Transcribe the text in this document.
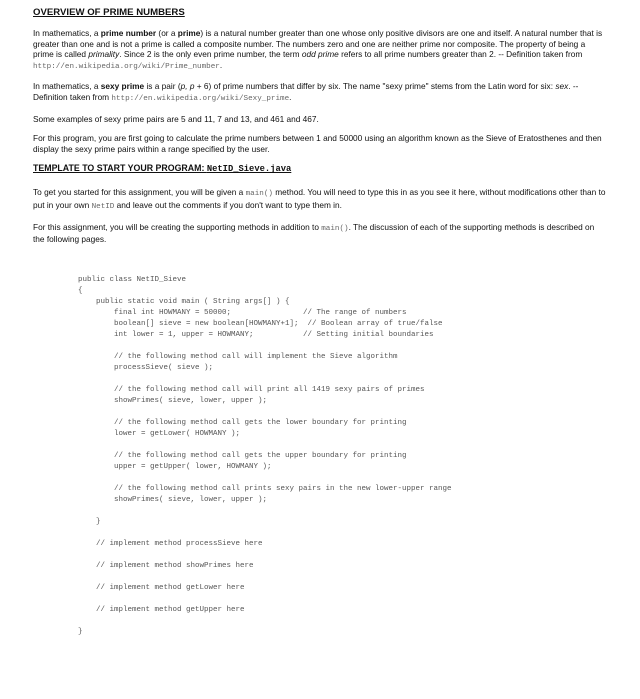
OVERVIEW OF PRIME NUMBERS

In mathematics, a prime number (or a prime) is a natural number greater than one whose only positive divisors are one and itself. A natural number that is greater than one and is not a prime is called a composite number. The numbers zero and one are neither prime nor composite. The property of being a prime is called primality. Since 2 is the only even prime number, the term odd prime refers to all prime numbers greater than 2. -- Definition taken from http://en.wikipedia.org/wiki/Prime_number.

In mathematics, a sexy prime is a pair (p, p + 6) of prime numbers that differ by six. The name "sexy prime" stems from the Latin word for six: sex. -- Definition taken from http://en.wikipedia.org/wiki/Sexy_prime.

Some examples of sexy prime pairs are 5 and 11, 7 and 13, and 461 and 467.

For this program, you are first going to calculate the prime numbers between 1 and 50000 using an algorithm known as the Sieve of Eratosthenes and then display the sexy prime pairs within a range specified by the user.

TEMPLATE TO START YOUR PROGRAM: NetID_Sieve.java

To get you started for this assignment, you will be given a main() method. You will need to type this in as you see it here, without modifications other than to put in your own NetID and leave out the comments if you don't want to type them in.

For this assignment, you will be creating the supporting methods in addition to main(). The discussion of each of the supporting methods is described on the following pages.

public class NetID_Sieve
{
public static void main ( String args[] ) {
final int HOWMANY = 50000;                // The range of numbers
boolean[] sieve = new boolean[HOWMANY+1];  // Boolean array of true/false
int lower = 1, upper = HOWMANY;           // Setting initial boundaries
// the following method call will implement the Sieve algorithm
processSieve( sieve );
// the following method call will print all 1419 sexy pairs of primes
showPrimes( sieve, lower, upper );
// the following method call gets the lower boundary for printing
lower = getLower( HOWMANY );
// the following method call gets the upper boundary for printing
upper = getUpper( lower, HOWMANY );
// the following method call prints sexy pairs in the new lower-upper range
showPrimes( sieve, lower, upper );
}
// implement method processSieve here
// implement method showPrimes here
// implement method getLower here
// implement method getUpper here
}
